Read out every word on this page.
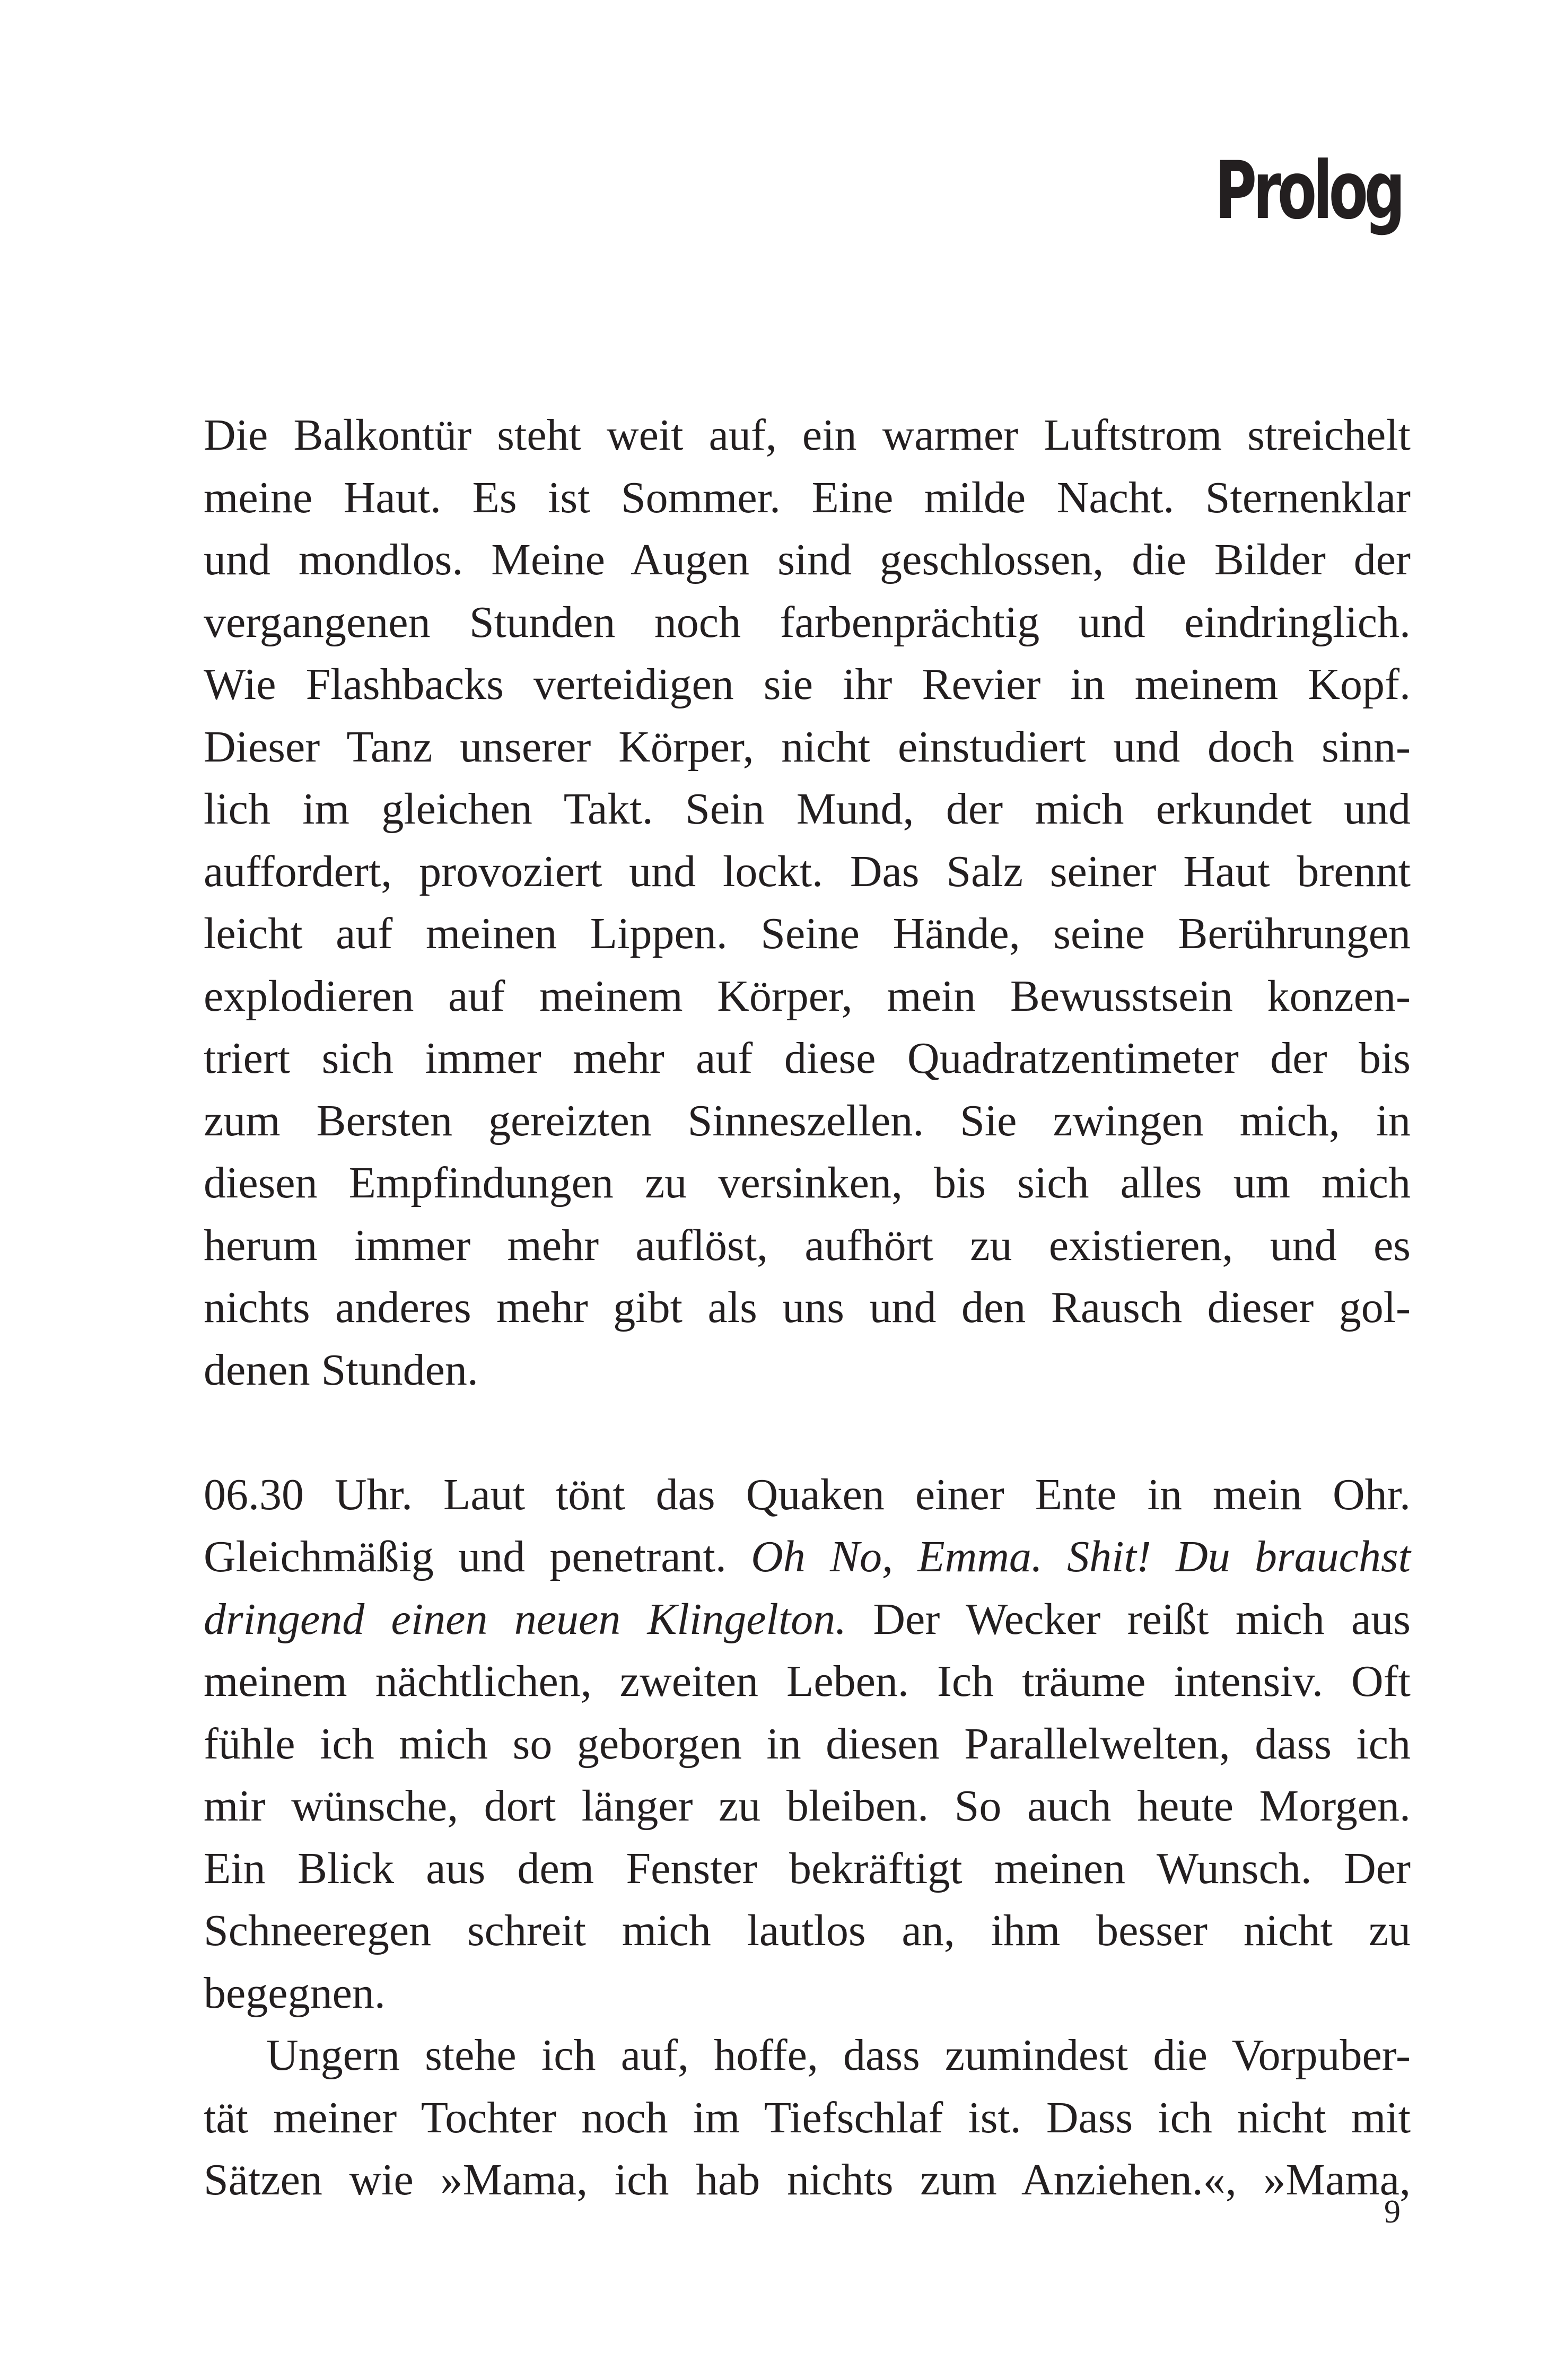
Prolog
Die Balkontür steht weit auf, ein warmer Luftstrom streichelt
meine Haut. Es ist Sommer. Eine milde Nacht. Sternenklar
und mondlos. Meine Augen sind geschlossen, die Bilder der
vergangenen Stunden noch farbenprächtig und eindringlich.
Wie Flashbacks verteidigen sie ihr Revier in meinem Kopf.
Dieser Tanz unserer Körper, nicht einstudiert und doch sinn-
lich im gleichen Takt. Sein Mund, der mich erkundet und
auffordert, provoziert und lockt. Das Salz seiner Haut brennt
leicht auf meinen Lippen. Seine Hände, seine Berührungen
explodieren auf meinem Körper, mein Bewusstsein konzen-
triert sich immer mehr auf diese Quadratzentimeter der bis
zum Bersten gereizten Sinneszellen. Sie zwingen mich, in
diesen Empfindungen zu versinken, bis sich alles um mich
herum immer mehr auflöst, aufhört zu existieren, und es
nichts anderes mehr gibt als uns und den Rausch dieser gol-
denen Stunden.
06.30 Uhr. Laut tönt das Quaken einer Ente in mein Ohr.
Gleichmäßig und penetrant. Oh No, Emma. Shit! Du brauchst
dringend einen neuen Klingelton. Der Wecker reißt mich aus
meinem nächtlichen, zweiten Leben. Ich träume intensiv. Oft
fühle ich mich so geborgen in diesen Parallelwelten, dass ich
mir wünsche, dort länger zu bleiben. So auch heute Morgen.
Ein Blick aus dem Fenster bekräftigt meinen Wunsch. Der
Schneeregen schreit mich lautlos an, ihm besser nicht zu
begegnen.
Ungern stehe ich auf, hoffe, dass zumindest die Vorpuber-
tät meiner Tochter noch im Tiefschlaf ist. Dass ich nicht mit
Sätzen wie »Mama, ich hab nichts zum Anziehen.«, »Mama,
9
